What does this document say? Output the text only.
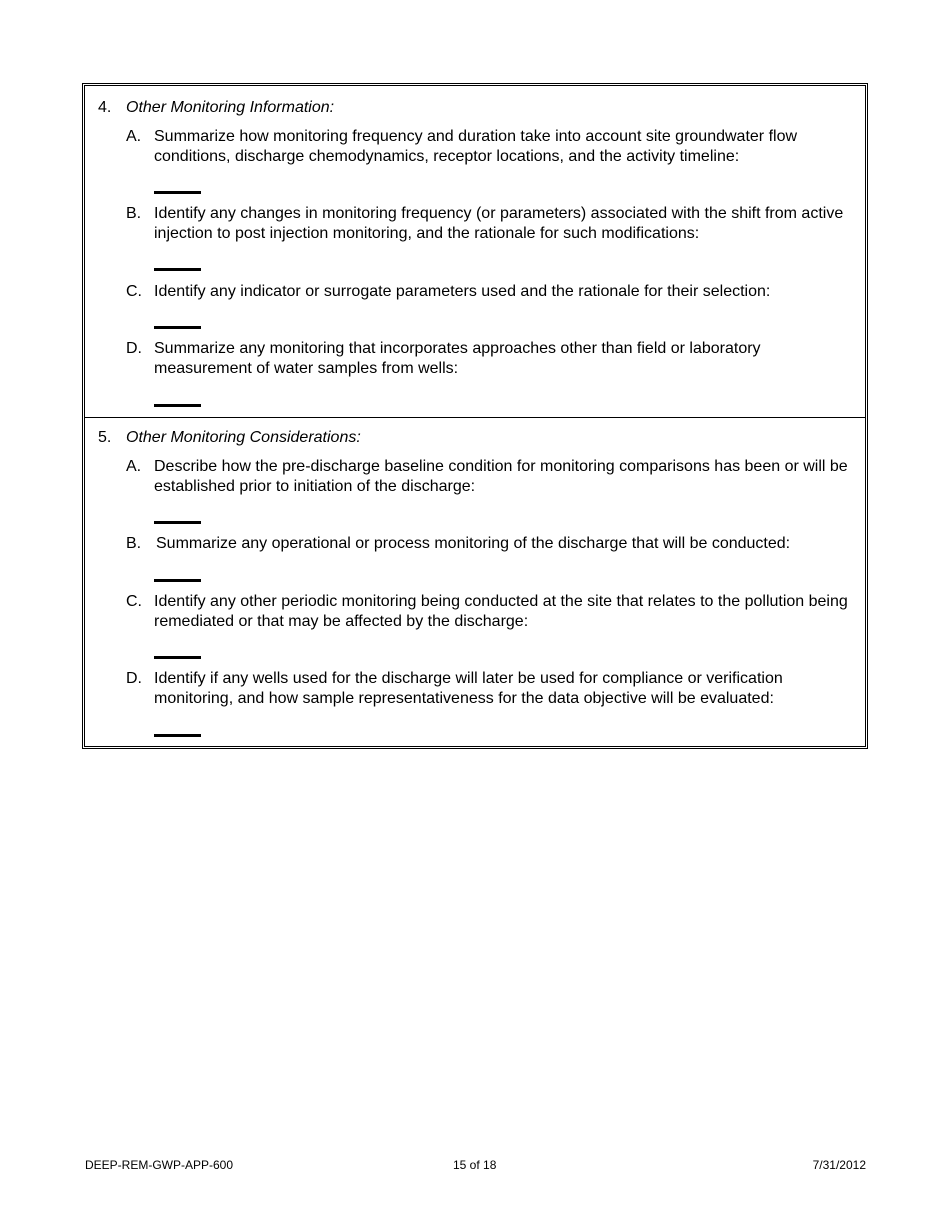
4. Other Monitoring Information:
A. Summarize how monitoring frequency and duration take into account site groundwater flow conditions, discharge chemodynamics, receptor locations, and the activity timeline:
B. Identify any changes in monitoring frequency (or parameters) associated with the shift from active injection to post injection monitoring, and the rationale for such modifications:
C. Identify any indicator or surrogate parameters used and the rationale for their selection:
D. Summarize any monitoring that incorporates approaches other than field or laboratory measurement of water samples from wells:
5. Other Monitoring Considerations:
A. Describe how the pre-discharge baseline condition for monitoring comparisons has been or will be established prior to initiation of the discharge:
B. Summarize any operational or process monitoring of the discharge that will be conducted:
C. Identify any other periodic monitoring being conducted at the site that relates to the pollution being remediated or that may be affected by the discharge:
D. Identify if any wells used for the discharge will later be used for compliance or verification monitoring, and how sample representativeness for the data objective will be evaluated:
DEEP-REM-GWP-APP-600	15 of 18	7/31/2012
